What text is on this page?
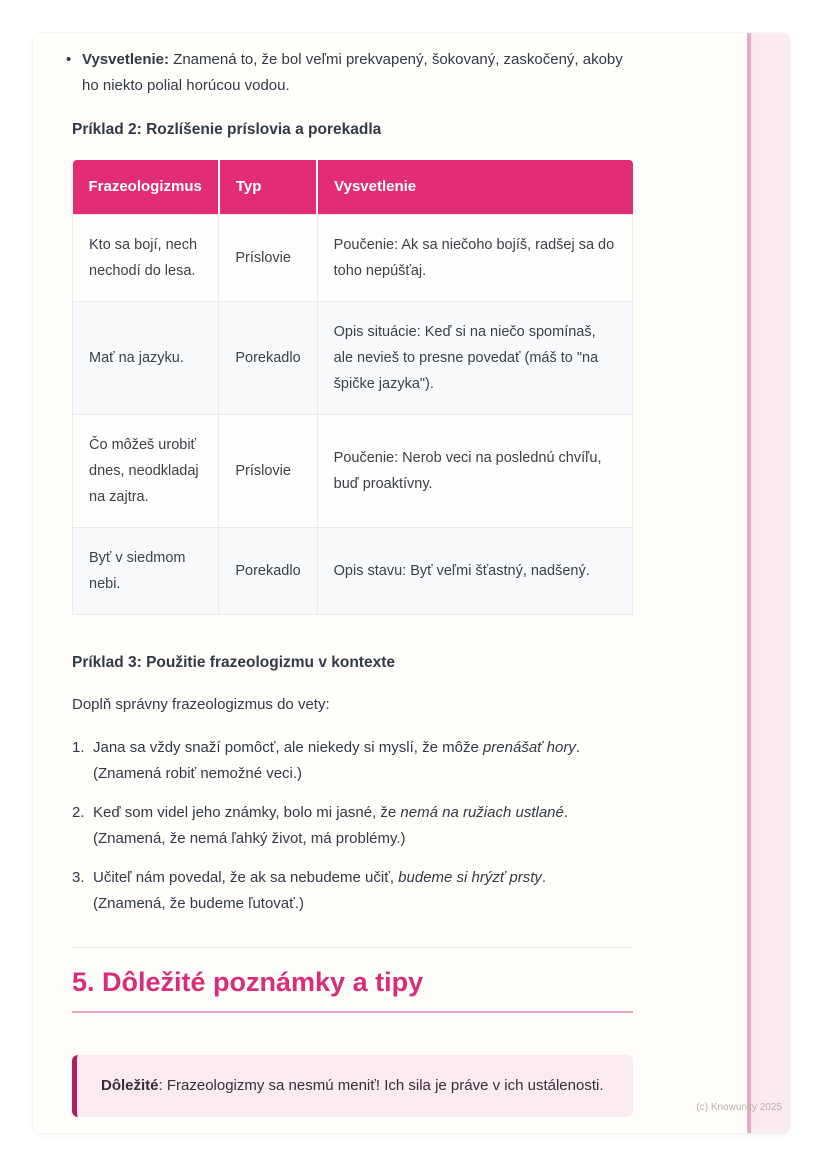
• Vysvetlenie: Znamená to, že bol veľmi prekvapený, šokovaný, zaskočený, akoby ho niekto polial horúcou vodou.
Príklad 2: Rozlíšenie príslovia a porekadla
Frazeologizmus	Typ	Vysvetlenie
Kto sa bojí, nech nechodí do lesa.	Príslovie	Poučenie: Ak sa niečoho bojíš, radšej sa do toho nepúšťaj.
Mať na jazyku.	Porekadlo	Opis situácie: Keď si na niečo spomínaš, ale nevieš to presne povedať (máš to "na špičke jazyka").
Čo môžeš urobiť dnes, neodkladaj na zajtra.	Príslovie	Poučenie: Nerob veci na poslednú chvíľu, buď proaktívny.
Byť v siedmom nebi.	Porekadlo	Opis stavu: Byť veľmi šťastný, nadšený.
Príklad 3: Použitie frazeologizmu v kontexte
Doplň správny frazeologizmus do vety:
1. Jana sa vždy snaží pomôcť, ale niekedy si myslí, že môže prenášať hory.
(Znamená robiť nemožné veci.)
2. Keď som videl jeho známky, bolo mi jasné, že nemá na ružiach ustlané.
(Znamená, že nemá ľahký život, má problémy.)
3. Učiteľ nám povedal, že ak sa nebudeme učiť, budeme si hrýzť prsty.
(Znamená, že budeme ľutovať.)
5. Dôležité poznámky a tipy
Dôležité: Frazeologizmy sa nesmú meniť! Ich sila je práve v ich ustálenosti.
(c) Knowunity 2025
